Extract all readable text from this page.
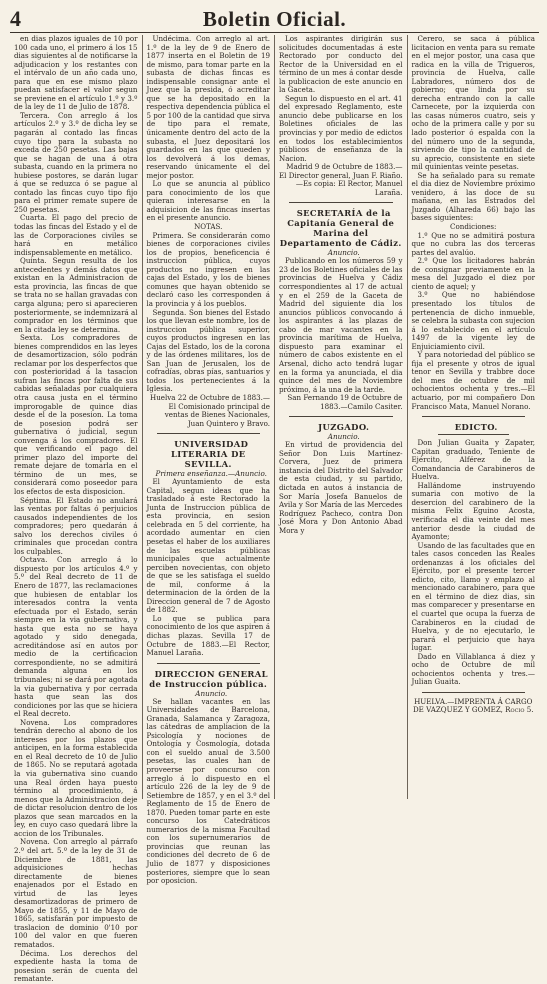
4	Boletin Oficial.

en dias plazos iguales de 10 por 100 cada uno, el primero á los 15 dias siguientes al de notificarse la adjudicacion y los restantes con el intérvalo de un año cada uno, para que en ese mismo plazo puedan satisfacer el valor segun se previene en el artículo 1.º y 3.º de la ley de 11 de Julio de 1878.

Tercera. Con arreglo á los artículos 2.º y 3.º de dicha ley se pagarán al contado las fincas cuyo tipo para la subasta no exceda de 250 pesetas. Las bajas que se hagan de una á otra subasta, cuando en la primera no hubiese postores, se darán lugar á que se reduzca ó se pague al contado las fincas cuyo tipo fijo para el primer remate supere de 250 pesetas.

Cuarta. El pago del precio de todas las fincas del Estado y el de las de Corporaciones civiles se hará en metálico indispensablemente en metálico.

Quinta. Segun resulta de los antecedentes y demás datos que existan en la Administracion de esta provincia, las fincas de que se trata no se hallan gravadas con carga alguna; pero si aparecieren posteriormente, se indemnizará al comprador en los términos que en la citada ley se determina.

Sexta. Los compradores de bienes comprendidos en las leyes de desamortizacion, sólo podrán reclamar por los desperfectos que con posterioridad á la tasacion sufran las fincas por falta de sus cabidas señaladas por cualquiera otra causa justa en el término improrogable de quince dias desde el de la posesion. La toma de posesion podrá ser gubernativa ó judicial, segun convenga á los compradores. El que verificando el pago del primer plazo del importe del remate dejare de tomarla en el término de un mes, se considerará como poseedor para los efectos de esta disposicion.

Séptima. El Estado no anulará las ventas por faltas ó perjuicios causados independientes de los compradores; pero quedarán á salvo los derechos civiles ó criminales que procedan contra los culpables.

Octava. Con arreglo á lo dispuesto por los artículos 4.º y 5.º del Real decreto de 11 de Enero de 1877, las reclamaciones que hubiesen de entablar los interesados contra la venta efectuada por el Estado, serán siempre en la via gubernativa, y hasta que esta no se haya agotado y sido denegada, acreditándose así en autos por medio de la certificacion correspondiente, no se admitirá demanda alguna en los tribunales; ni se dará por agotada la via gubernativa y por cerrada hasta que sean las dos condiciones por las que se hiciera el Real decreto.

Novena. Los compradores tendrán derecho al abono de los intereses por los plazos que anticipen, en la forma establecida en el Real decreto de 10 de Julio de 1865. No se reputará agotada la via gubernativa sino cuando una Real órden haya puesto término al procedimiento, á menos que la Administracion deje de dictar resolucion dentro de los plazos que sean marcados en la ley, en cuyo caso quedará libre la accion de los Tribunales.

Novena. Con arreglo al párrafo 2.º del art. 5.º de la ley de 31 de Diciembre de 1881, las adquisiciones hechas directamente de bienes enajenados por el Estado en virtud de las leyes desamortizadoras de primero de Mayo de 1855, y 11 de Mayo de 1865, satisfarán por impuesto de traslacion de dominio 0'10 por 100 del valor en que fueren rematados.

Décima. Los derechos del expediente hasta la toma de posesion serán de cuenta del rematante.

Undécima. Con arreglo al art. 1.º de la ley de 9 de Enero de 1877 inserta en el Boletin de 19 de mismo, para tomar parte en la subasta de dichas fincas es indispensable consignar ante el Juez que la presida, ó acreditar que se ha depositado en la respectiva dependencia pública el 5 por 100 de la cantidad que sirva de tipo para el remate, únicamente dentro del acto de la subasta, el Juez depositará los guardados en las que queden y los devolverá á los demas, reservando únicamente el del mejor postor.

Lo que se anuncia al público para conocimiento de los que quieran interesarse en la adquisicion de las fincas insertas en el presente anuncio.

NOTAS.

Primera. Se considerarán como bienes de corporaciones civiles los de propios, beneficencia é instruccion pública, cuyos productos no ingresen en las cajas del Estado, y los de bienes comunes que hayan obtenido se declaró caso les corresponden á la provincia y á los pueblos.

Segunda. Son bienes del Estado los que llevan este nombre, los de instruccion pública superior, cuyos productos ingresen en las Cajas del Estado, los de la corona y de las órdenes militares, los de San Juan de Jerusalen, los de cofradías, obras pías, santuarios y todos los pertenecientes á la Iglesia.

Huelva 22 de Octubre de 1883.—El Comisionado principal de ventas de Bienes Nacionales, Juan Quintero y Bravo.

UNIVERSIDAD LITERARIA DE SEVILLA.

Primera enseñanza.—Anuncio.

El Ayuntamiento de esta Capital, segun ideas que ha trasladado á este Rectorado la Junta de Instruccion pública de esta provincia, en sesion celebrada en 5 del corriente, ha acordado aumentar en cien pesetas el haber de los auxiliares de las escuelas públicas municipales que actualmente perciben novecientas, con objeto de que se les satisfaga el sueldo de mil, conforme á la determinacion de la órden de la Direccion general de 7 de Agosto de 1882.

Lo que se publica para conocimiento de los que aspiren á dichas plazas. Sevilla 17 de Octubre de 1883.—El Rector, Manuel Laraña.

DIRECCION GENERAL de Instruccion pública.

Anuncio.

Se hallan vacantes en las Universidades de Barcelona, Granada, Salamanca y Zaragoza, las cátedras de ampliacion de la Psicología y nociones de Ontología y Cosmología, dotada con el sueldo anual de 3.500 pesetas, las cuales han de proveerse por concurso con arreglo á lo dispuesto en el artículo 226 de la ley de 9 de Setiembre de 1857, y en el 3.º del Reglamento de 15 de Enero de 1870. Pueden tomar parte en este concurso los Catedráticos numerarios de la misma Facultad con los supernumerarios de provincias que reunan las condiciones del decreto de 6 de Julio de 1877 y disposiciones posteriores, siempre que lo sean por oposicion.

Los aspirantes dirigirán sus solicitudes documentadas á este Rectorado por conducto del Rector de la Universidad en el término de un mes á contar desde la publicacion de este anuncio en la Gaceta.

Segun lo dispuesto en el art. 41 del expresado Reglamento, este anuncio debe publicarse en los Boletines oficiales de las provincias y por medio de edictos en todos los establecimientos públicos de enseñanza de la Nacion.

Madrid 9 de Octubre de 1883.—El Director general, Juan F. Riaño.—Es copia: El Rector, Manuel Laraña.

SECRETARÍA de la Capitanía General de Marina del Departamento de Cádiz.

Anuncio.

Publicando en los números 59 y 23 de los Boletines oficiales de las provincias de Huelva y Cádiz correspondientes al 17 de actual y en el 259 de la Gaceta de Madrid del siguiente dia los anuncios públicos convocando á los aspirantes á las plazas de cabo de mar vacantes en la provincia marítima de Huelva, dispuesto para examinar el número de cabos existente en el Arsenal, dicho acto tendrá lugar en la forma ya anunciada, el dia quince del mes de Noviembre próximo, á la una de la tarde.

San Fernando 19 de Octubre de 1883.—Camilo Casiter.

JUZGADO.

Anuncio.

En virtud de providencia del Señor Don Luis Martínez-Corvera, Juez de primera instancia del Distrito del Salvador de esta ciudad, y su partido, dictada en autos á instancia de Sor María Josefa Banuelos de Avila y Sor María de las Mercedes Rodríguez Pacheco, contra Don José Mora y Don Antonio Abad Mora y

Cerero, se saca á pública licitacion en venta para su remate en el mejor postor, una casa que radica en la villa de Trigueros, provincia de Huelva, calle Labradores, número dos de gobierno; que linda por su derecha entrando con la calle Carnecete, por la izquierda con las casas números cuatro, seis y ocho de la primera calle y por su lado posterior ó espalda con la del número uno de la segunda, sirviendo de tipo la cantidad de su aprecio, consistente en siete mil quinientas veinte pesetas.

Se ha señalado para su remate el dia diez de Noviembre próximo venidero, á las doce de su mañana, en las Estrados del Juzgado (Alhareda 66) bajo las bases siguientes:

Condiciones:

1.º Que no se admitirá postura que no cubra las dos terceras partes del avalúo.

2.º Que los licitadores habrán de consignar previamente en la mesa del Juzgado el diez por ciento de aquel; y

3.º Que no habiéndose presentado los títulos de pertenencia de dicho inmueble, se celebra la subasta con sujecion á lo establecido en el artículo 1497 de la vigente ley de Enjuiciamiento civil.

Y para notoriedad del público se fija el presente y otros de igual tenor en Sevilla y trabbre doce del mes de octubre de mil ochocientos ochenta y tres.—El actuario, por mi compañero Don Francisco Mata, Manuel Norano.

EDICTO.

Don Julian Guaita y Zapater, Capitan graduado, Teniente de Ejército, Alférez de la Comandancia de Carabineros de Huelva.

Hallándome instruyendo sumaria con motivo de la desercion del carabinero de la misma Felix Eguino Acosta, verificada el dia veinte del mes anterior desde la ciudad de Ayamonte;

Usando de las facultades que en tales casos conceden las Reales ordenanzas á los oficiales del Ejército, por el presente tercer edicto, cito, llamo y emplazo al mencionado carabinero, para que en el término de diez dias, sin mas comparecer y presentarse en el cuartel que ocupa la fuerza de Carabineros en la ciudad de Huelva, y de no ejecutarlo, le parará el perjuicio que haya lugar.

Dado en Villablanca á diez y ocho de Octubre de mil ochocientos ochenta y tres.—Julian Guaita.

HUELVA.—IMPRENTA Á CARGO DE VAZQUEZ Y GOMEZ, Rocio 5.
